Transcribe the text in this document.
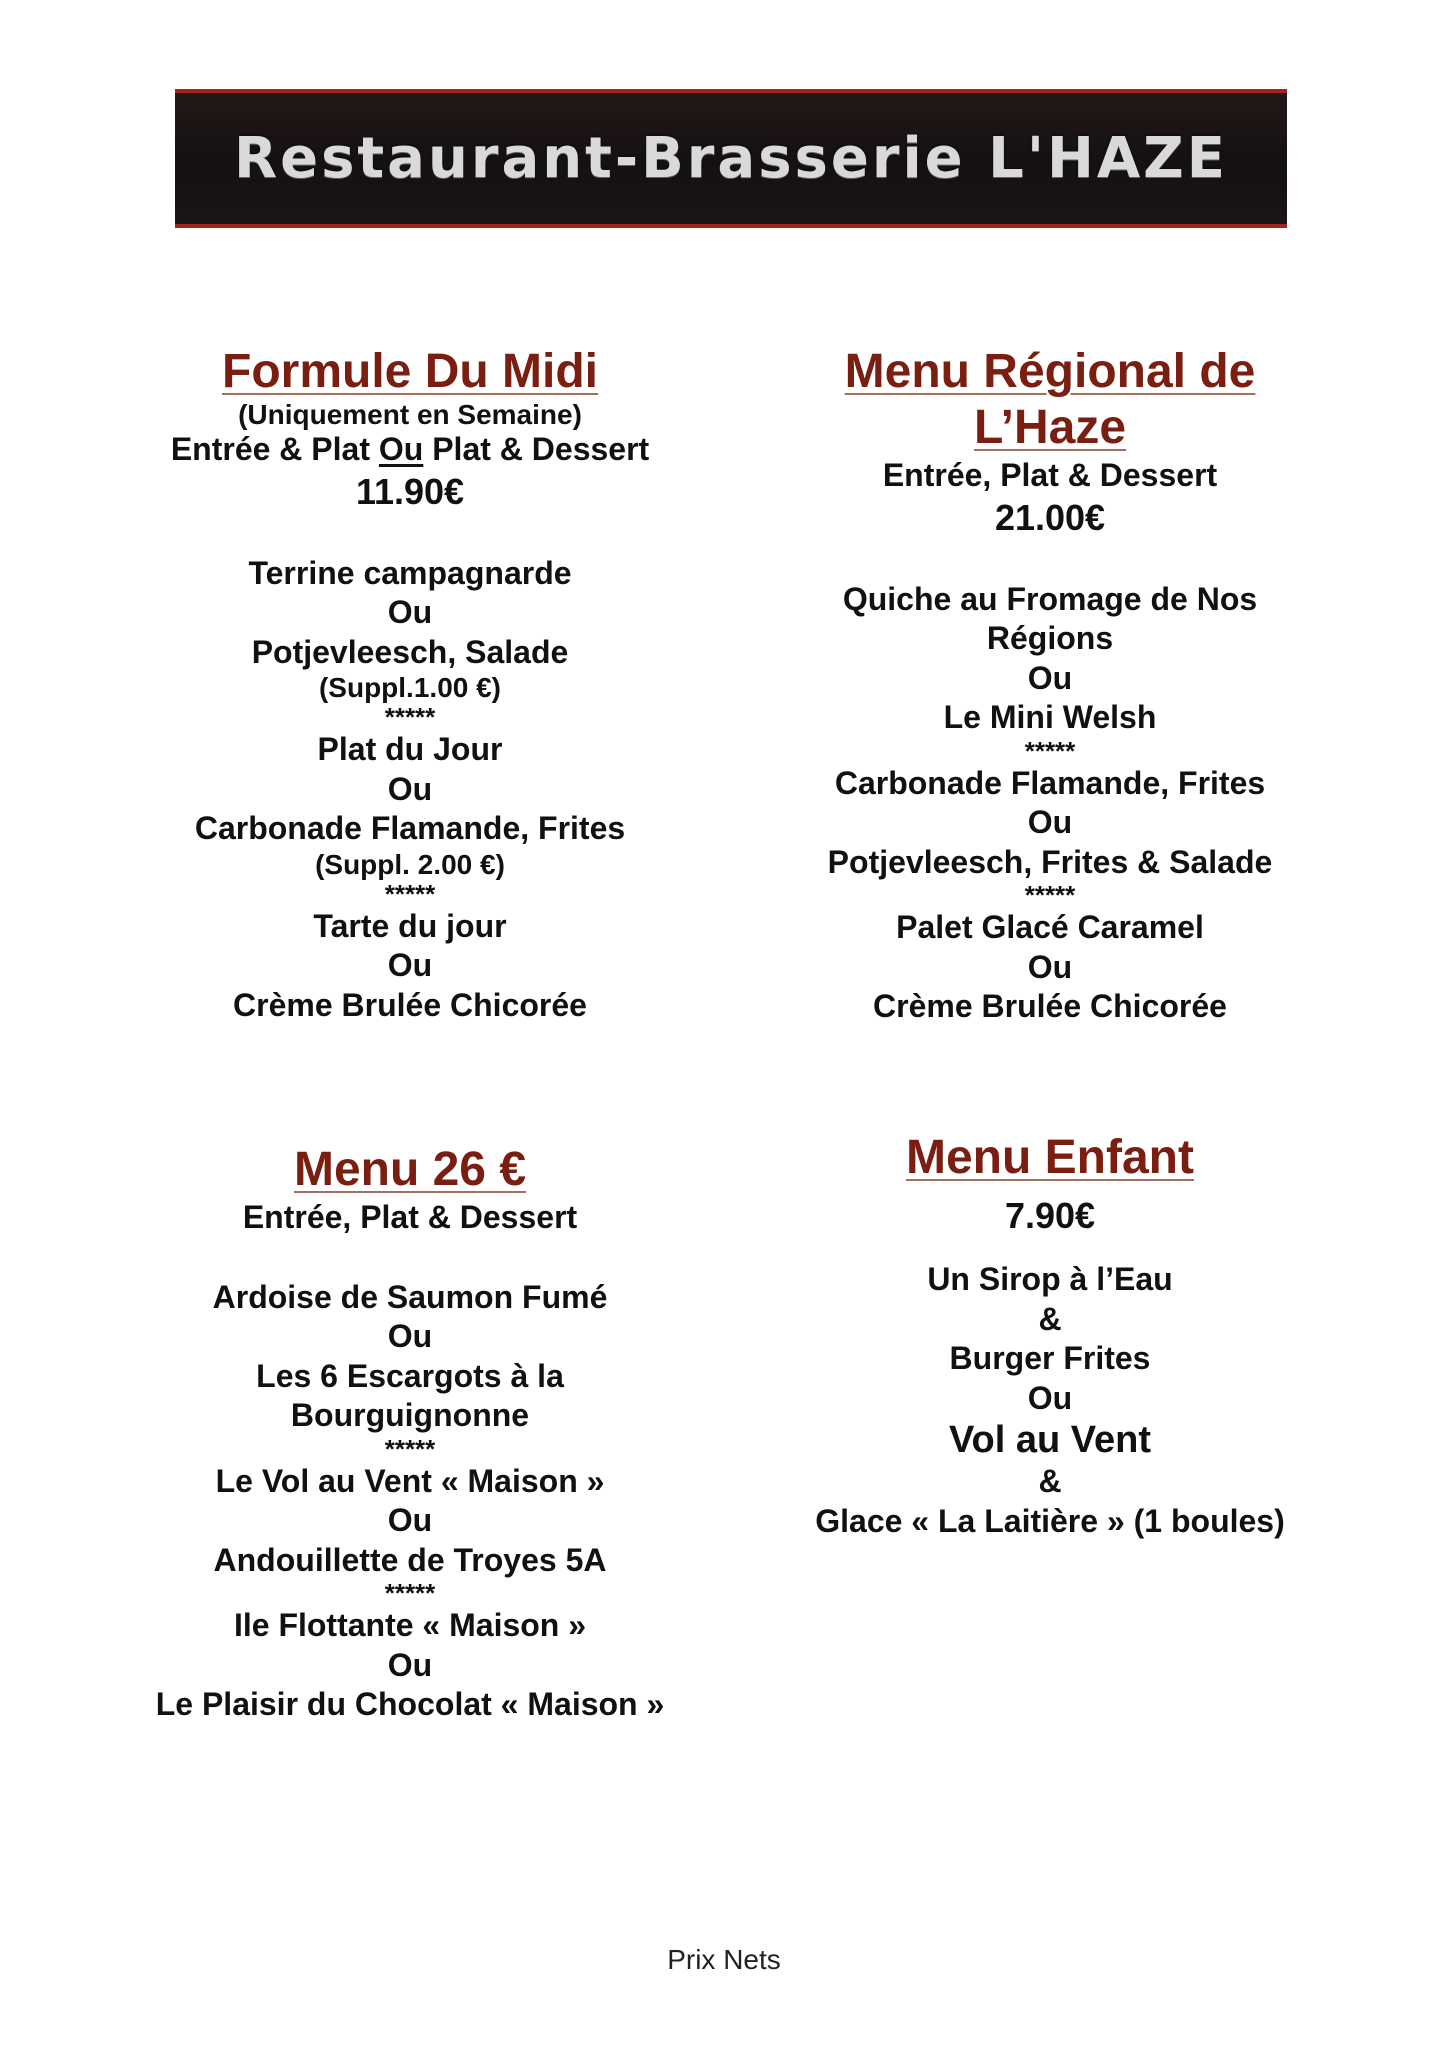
Restaurant-Brasserie L'HAZE
Formule Du Midi
(Uniquement en Semaine)
Entrée & Plat Ou Plat & Dessert
11.90€
Terrine campagnarde
Ou
Potjevleesch, Salade
(Suppl.1.00 €)
*****
Plat du Jour
Ou
Carbonade Flamande, Frites
(Suppl. 2.00 €)
*****
Tarte du jour
Ou
Crème Brulée Chicorée
Menu Régional de
L’Haze
Entrée, Plat & Dessert
21.00€
Quiche au Fromage de Nos
Régions
Ou
Le Mini Welsh
*****
Carbonade Flamande, Frites
Ou
Potjevleesch, Frites & Salade
*****
Palet Glacé Caramel
Ou
Crème Brulée Chicorée
Menu 26 €
Entrée, Plat & Dessert
Ardoise de Saumon Fumé
Ou
Les 6 Escargots à la
Bourguignonne
*****
Le Vol au Vent « Maison »
Ou
Andouillette de Troyes 5A
*****
Ile Flottante « Maison »
Ou
Le Plaisir du Chocolat « Maison »
Menu Enfant
7.90€
Un Sirop à l’Eau
&
Burger Frites
Ou
Vol au Vent
&
Glace « La Laitière » (1 boules)
Prix Nets
